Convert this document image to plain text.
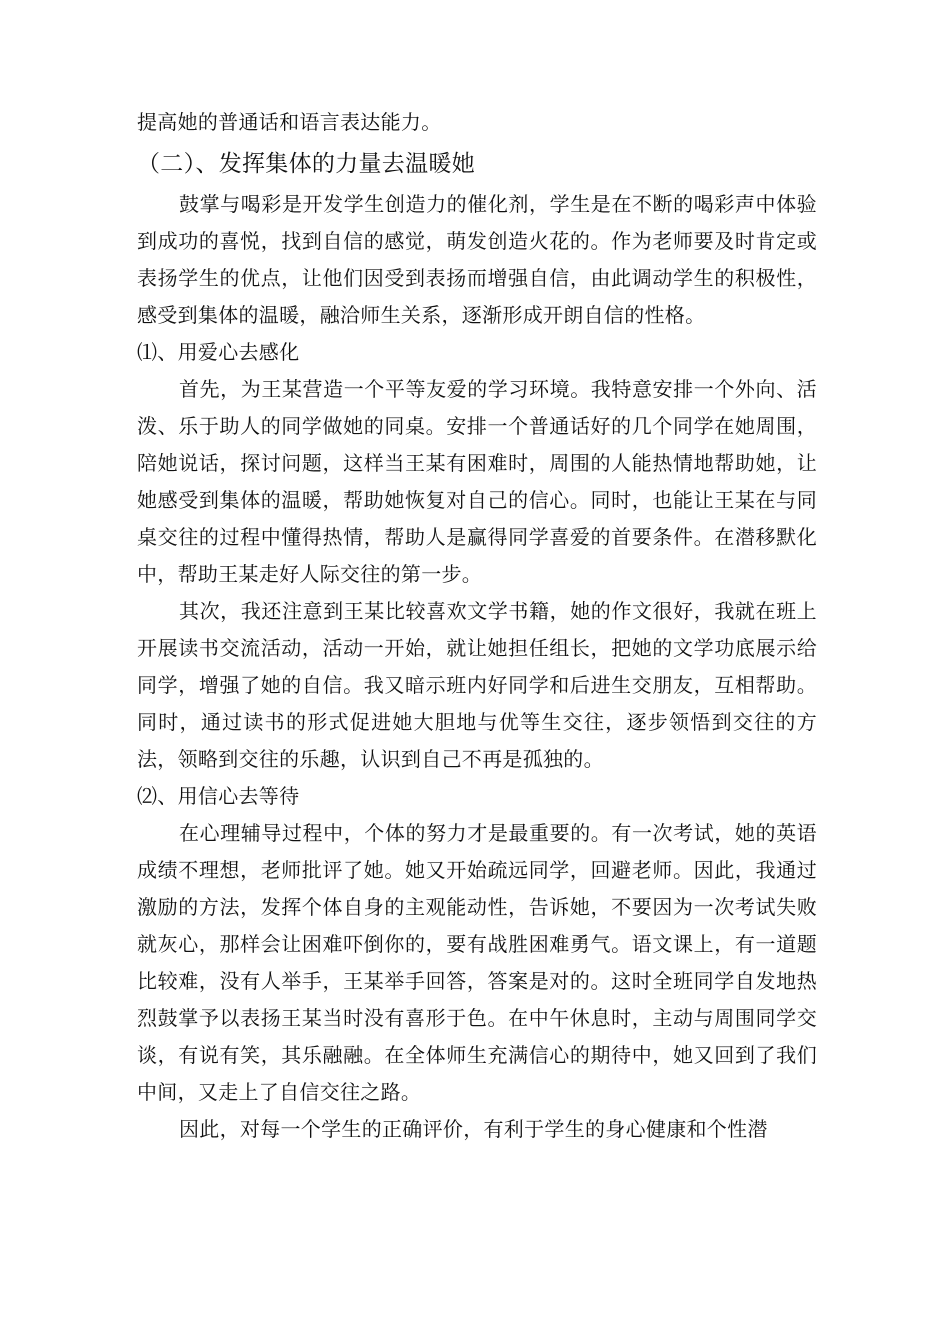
提高她的普通话和语言表达能力。

（二）、发挥集体的力量去温暖她

鼓掌与喝彩是开发学生创造力的催化剂，学生是在不断的喝彩声中体验到成功的喜悦，找到自信的感觉，萌发创造火花的。作为老师要及时肯定或表扬学生的优点，让他们因受到表扬而增强自信，由此调动学生的积极性，感受到集体的温暖，融洽师生关系，逐渐形成开朗自信的性格。

⑴、用爱心去感化

首先，为王某营造一个平等友爱的学习环境。我特意安排一个外向、活泼、乐于助人的同学做她的同桌。安排一个普通话好的几个同学在她周围，陪她说话，探讨问题，这样当王某有困难时，周围的人能热情地帮助她，让她感受到集体的温暖，帮助她恢复对自己的信心。同时，也能让王某在与同桌交往的过程中懂得热情，帮助人是赢得同学喜爱的首要条件。在潜移默化中，帮助王某走好人际交往的第一步。

其次，我还注意到王某比较喜欢文学书籍，她的作文很好，我就在班上开展读书交流活动，活动一开始，就让她担任组长，把她的文学功底展示给同学，增强了她的自信。我又暗示班内好同学和后进生交朋友，互相帮助。同时，通过读书的形式促进她大胆地与优等生交往，逐步领悟到交往的方法，领略到交往的乐趣，认识到自己不再是孤独的。

⑵、用信心去等待

在心理辅导过程中，个体的努力才是最重要的。有一次考试，她的英语成绩不理想，老师批评了她。她又开始疏远同学，回避老师。因此，我通过激励的方法，发挥个体自身的主观能动性，告诉她，不要因为一次考试失败就灰心，那样会让困难吓倒你的，要有战胜困难勇气。语文课上，有一道题比较难，没有人举手，王某举手回答，答案是对的。这时全班同学自发地热烈鼓掌予以表扬王某当时没有喜形于色。在中午休息时，主动与周围同学交谈，有说有笑，其乐融融。在全体师生充满信心的期待中，她又回到了我们中间，又走上了自信交往之路。

因此，对每一个学生的正确评价，有利于学生的身心健康和个性潜
